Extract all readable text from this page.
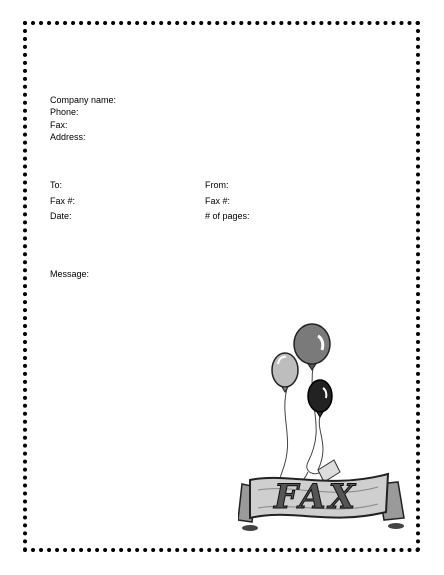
Company name:
Phone:
Fax:
Address:
To:	From:
Fax #:	Fax #:
Date:	# of pages:
Message:
FAX
